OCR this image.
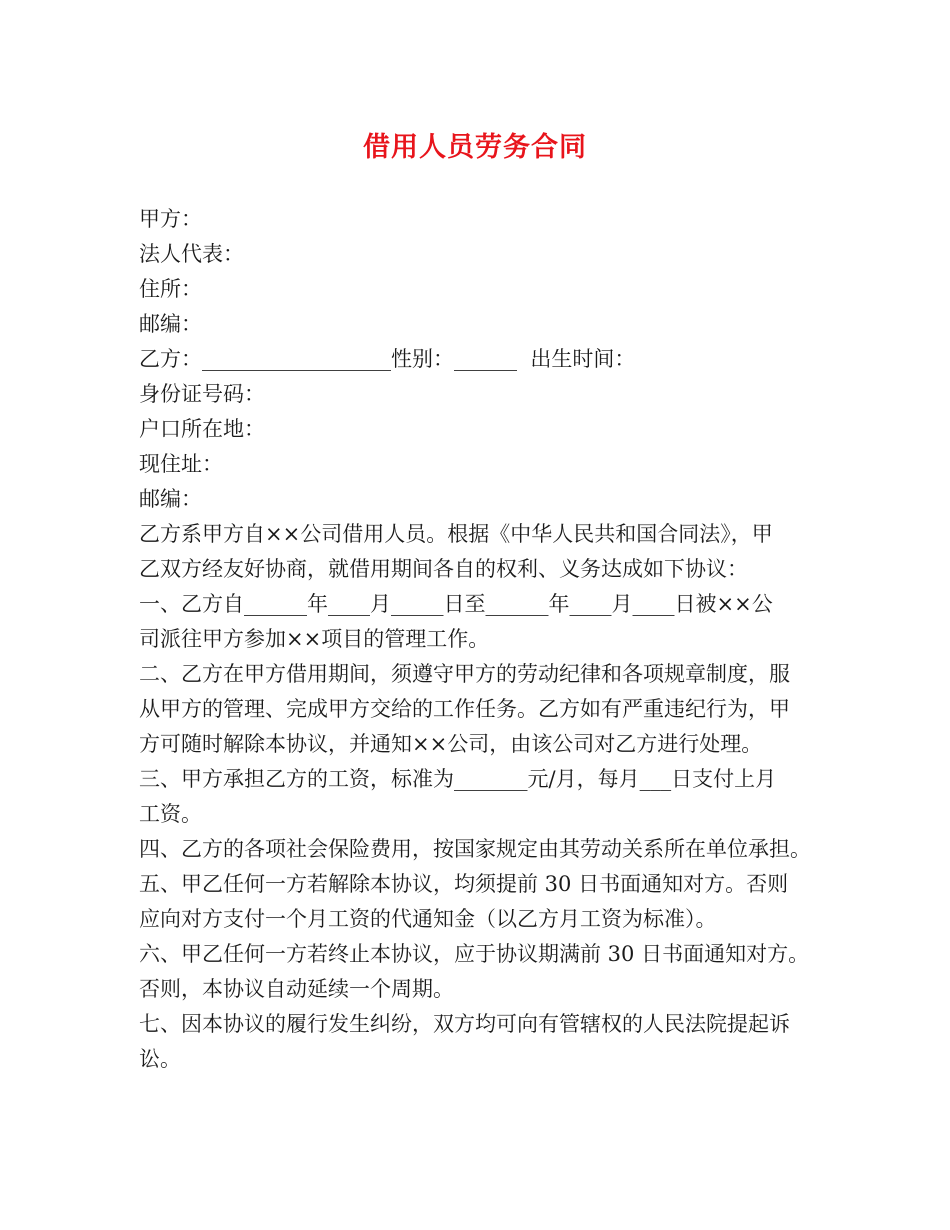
借用人员劳务合同
甲方：
法人代表：
住所：
邮编：
乙方：__________________性别：______  出生时间：
身份证号码：
户口所在地：
现住址：
邮编：
乙方系甲方自××公司借用人员。根据《中华人民共和国合同法》，甲
乙双方经友好协商，就借用期间各自的权利、义务达成如下协议：
一、乙方自______年____月_____日至______年____月____日被××公
司派往甲方参加××项目的管理工作。
二、乙方在甲方借用期间，须遵守甲方的劳动纪律和各项规章制度，服
从甲方的管理、完成甲方交给的工作任务。乙方如有严重违纪行为，甲
方可随时解除本协议，并通知××公司，由该公司对乙方进行处理。
三、甲方承担乙方的工资，标准为_______元/月，每月___日支付上月
工资。
四、乙方的各项社会保险费用，按国家规定由其劳动关系所在单位承担。
五、甲乙任何一方若解除本协议，均须提前 30 日书面通知对方。否则
应向对方支付一个月工资的代通知金（以乙方月工资为标准）。
六、甲乙任何一方若终止本协议，应于协议期满前 30 日书面通知对方。
否则，本协议自动延续一个周期。
七、因本协议的履行发生纠纷，双方均可向有管辖权的人民法院提起诉
讼。
